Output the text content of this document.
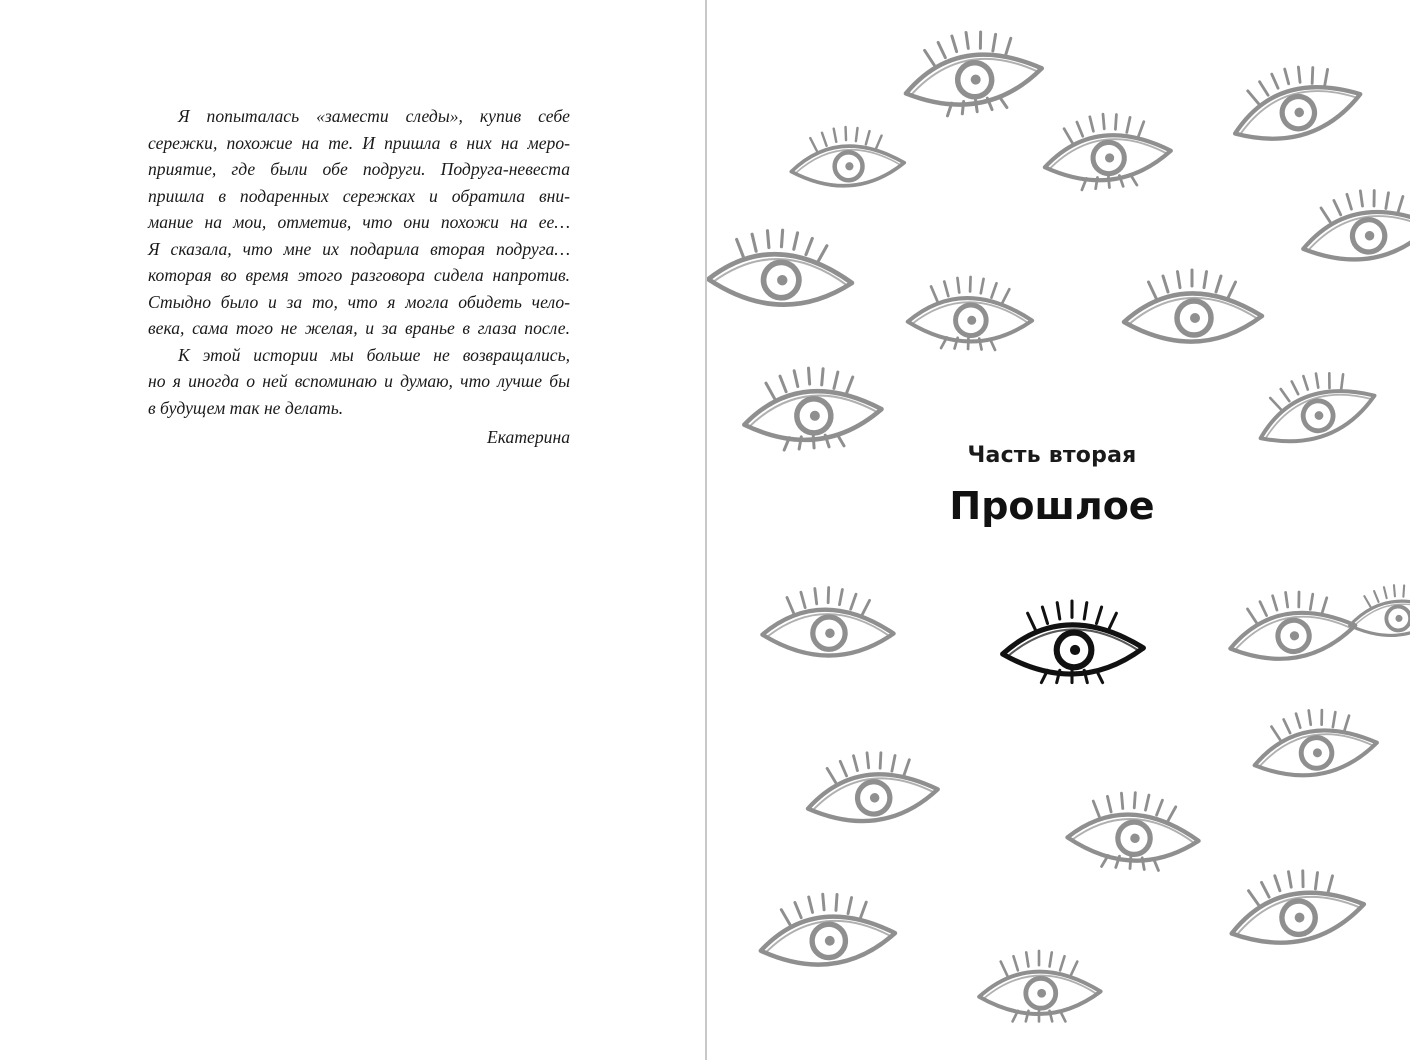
Я попыталась «замести следы», купив себе
сережки, похожие на те. И пришла в них на меро-
приятие, где были обе подруги. Подруга-невеста
пришла в подаренных сережках и обратила вни-
мание на мои, отметив, что они похожи на ее…
Я сказала, что мне их подарила вторая подруга…
которая во время этого разговора сидела напротив.
Стыдно было и за то, что я могла обидеть чело-
века, сама того не желая, и за вранье в глаза после.
К этой истории мы больше не возвращались,
но я иногда о ней вспоминаю и думаю, что лучше бы
в будущем так не делать.
Екатерина
Часть вторая
Прошлое
